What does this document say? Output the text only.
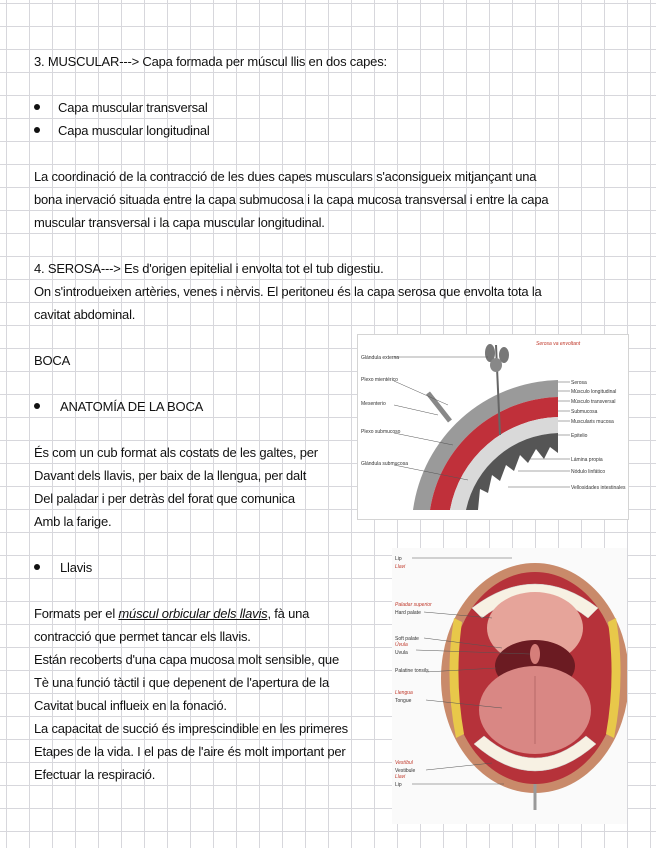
3. MUSCULAR---> Capa formada per múscul llis en dos capes:
Capa muscular transversal
Capa muscular longitudinal
La coordinació de la contracció de les dues capes musculars s'aconsigueix mitjançant una
bona inervació situada entre la capa submucosa i la capa mucosa transversal i entre la capa
muscular transversal i la capa muscular longitudinal.
4. SEROSA---> Es d'origen epitelial i envolta tot el tub digestiu.
On s'introdueixen artèries, venes i nèrvis. El peritoneu és la capa serosa que envolta tota la
cavitat abdominal.
BOCA
ANATOMÍA DE LA BOCA
És com un cub format als costats de les galtes, per
Davant dels llavis, per baix de la llengua, per dalt
Del paladar i per detràs del forat que comunica
Amb la farige.
Llavis
Formats per el múscul orbicular dels llavis, fà una
contracció que permet tancar els llavis.
Están recoberts d'una capa mucosa molt sensible, que
Tè una funció tàctil i que depenent de l'apertura de la
Cavitat bucal influeix en la fonació.
La capacitat de succió és imprescindible en les primeres
Etapes de la vida. I el pas de l'aire és molt important per
Efectuar la respiració.
Glándula externa
Plexo mientérico
Mesenterio
Plexo submucoso
Glándula submucosa
Serosa
Músculo longitudinal
Músculo transversal
Submucosa
Muscularis mucosa
Epitelio
Lámina propia
Nódulo linfático
Vellosidades intestinales
Serosa va envoltant
Lip
Llavi
Paladar superior
Hard palate
Soft palate
Úvula
Uvula
Palatine tonsils
Llengua
Tongue
Vestíbul
Vestibule
Llavi
Lip
